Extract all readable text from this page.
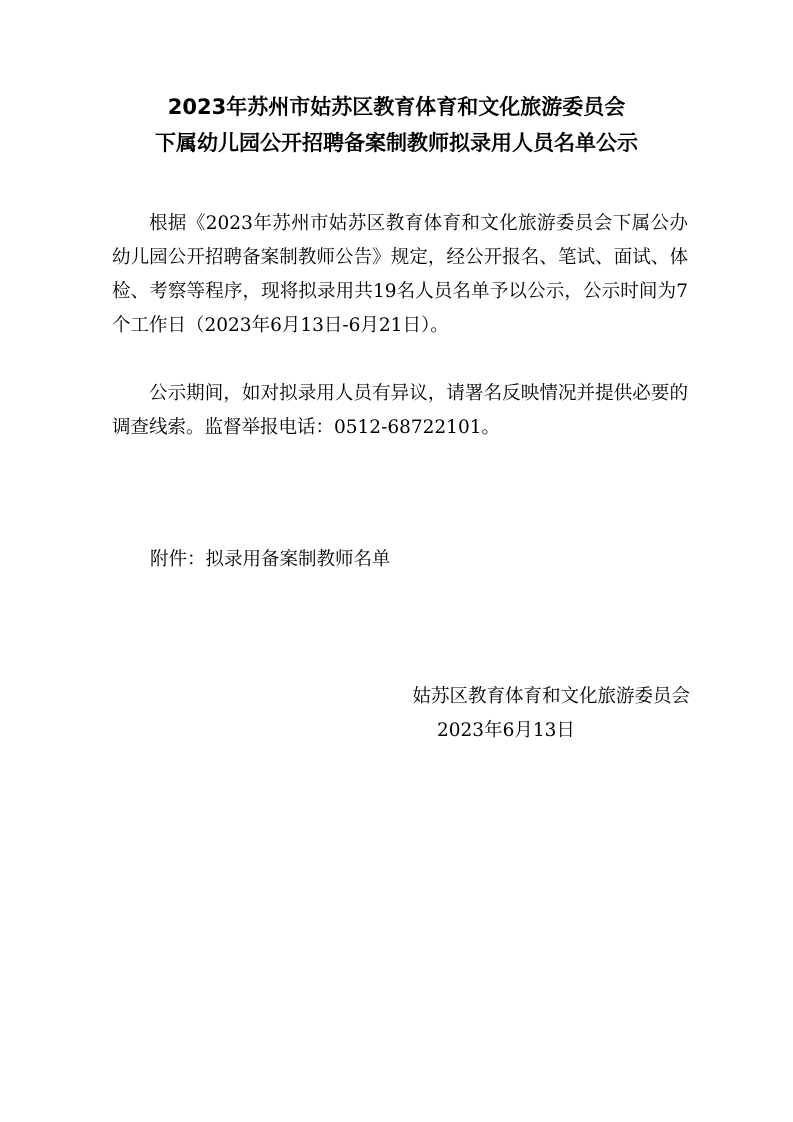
2023年苏州市姑苏区教育体育和文化旅游委员会
下属幼儿园公开招聘备案制教师拟录用人员名单公示

根据《2023年苏州市姑苏区教育体育和文化旅游委员会下属公办幼儿园公开招聘备案制教师公告》规定，经公开报名、笔试、面试、体检、考察等程序，现将拟录用共19名人员名单予以公示，公示时间为7个工作日（2023年6月13日-6月21日）。

公示期间，如对拟录用人员有异议，请署名反映情况并提供必要的调查线索。监督举报电话：0512-68722101。

附件：拟录用备案制教师名单
姑苏区教育体育和文化旅游委员会
2023年6月13日
